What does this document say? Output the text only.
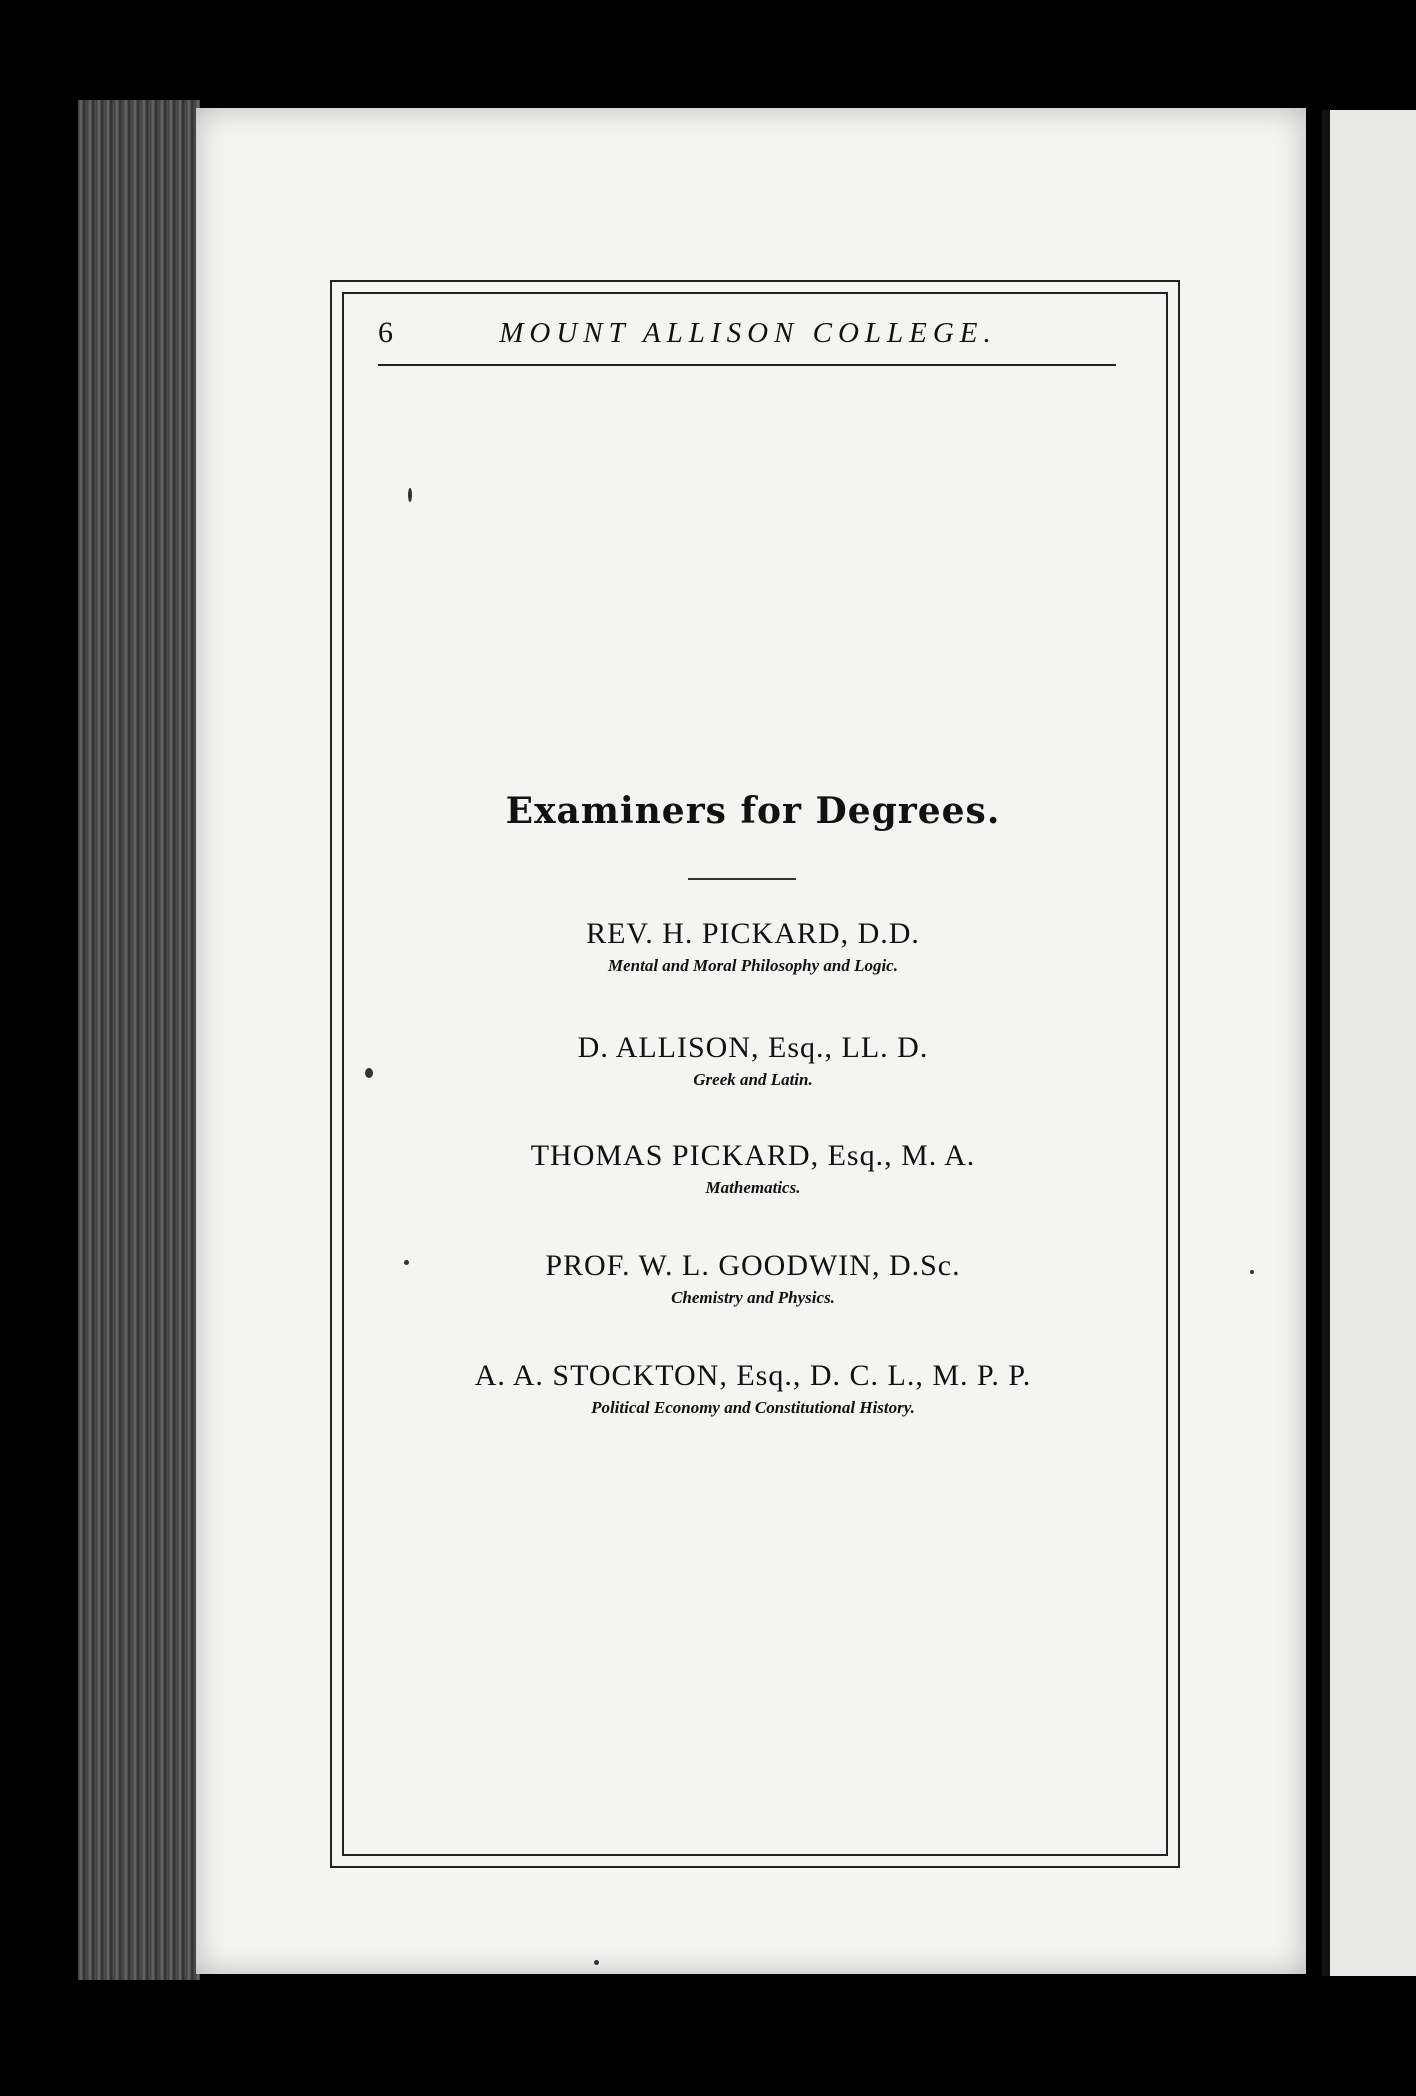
6	MOUNT ALLISON COLLEGE.
Examiners for Degrees.
REV. H. PICKARD, D.D.
Mental and Moral Philosophy and Logic.
D. ALLISON, Esq., LL. D.
Greek and Latin.
THOMAS PICKARD, Esq., M. A.
Mathematics.
PROF. W. L. GOODWIN, D.Sc.
Chemistry and Physics.
A. A. STOCKTON, Esq., D. C. L., M. P. P.
Political Economy and Constitutional History.
